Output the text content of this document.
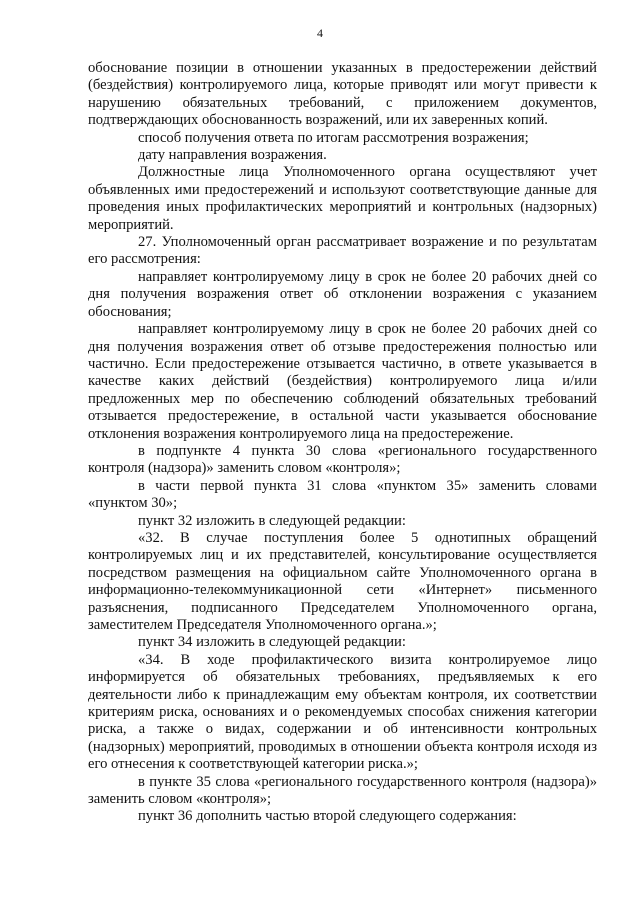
4

обоснование позиции в отношении указанных в предостережении действий (бездействия) контролируемого лица, которые приводят или могут привести к нарушению обязательных требований, с приложением документов, подтверждающих обоснованность возражений, или их заверенных копий.

способ получения ответа по итогам рассмотрения возражения;

дату направления возражения.

Должностные лица Уполномоченного органа осуществляют учет объявленных ими предостережений и используют соответствующие данные для проведения иных профилактических мероприятий и контрольных (надзорных) мероприятий.

27. Уполномоченный орган рассматривает возражение и по результатам его рассмотрения:

направляет контролируемому лицу в срок не более 20 рабочих дней со дня получения возражения ответ об отклонении возражения с указанием обоснования;

направляет контролируемому лицу в срок не более 20 рабочих дней со дня получения возражения ответ об отзыве предостережения полностью или частично. Если предостережение отзывается частично, в ответе указывается в качестве каких действий (бездействия) контролируемого лица и/или предложенных мер по обеспечению соблюдений обязательных требований отзывается предостережение, в остальной части указывается обоснование отклонения возражения контролируемого лица на предостережение.

в подпункте 4 пункта 30 слова «регионального государственного контроля (надзора)» заменить словом «контроля»;

в части первой пункта 31 слова «пунктом 35» заменить словами «пунктом 30»;

пункт 32 изложить в следующей редакции:

«32. В случае поступления более 5 однотипных обращений контролируемых лиц и их представителей, консультирование осуществляется посредством размещения на официальном сайте Уполномоченного органа в информационно-телекоммуникационной сети «Интернет» письменного разъяснения, подписанного Председателем Уполномоченного органа, заместителем Председателя Уполномоченного органа.»;

пункт 34 изложить в следующей редакции:

«34. В ходе профилактического визита контролируемое лицо информируется об обязательных требованиях, предъявляемых к его деятельности либо к принадлежащим ему объектам контроля, их соответствии критериям риска, основаниях и о рекомендуемых способах снижения категории риска, а также о видах, содержании и об интенсивности контрольных (надзорных) мероприятий, проводимых в отношении объекта контроля исходя из его отнесения к соответствующей категории риска.»;

в пункте 35 слова «регионального государственного контроля (надзора)» заменить словом «контроля»;

пункт 36 дополнить частью второй следующего содержания:
